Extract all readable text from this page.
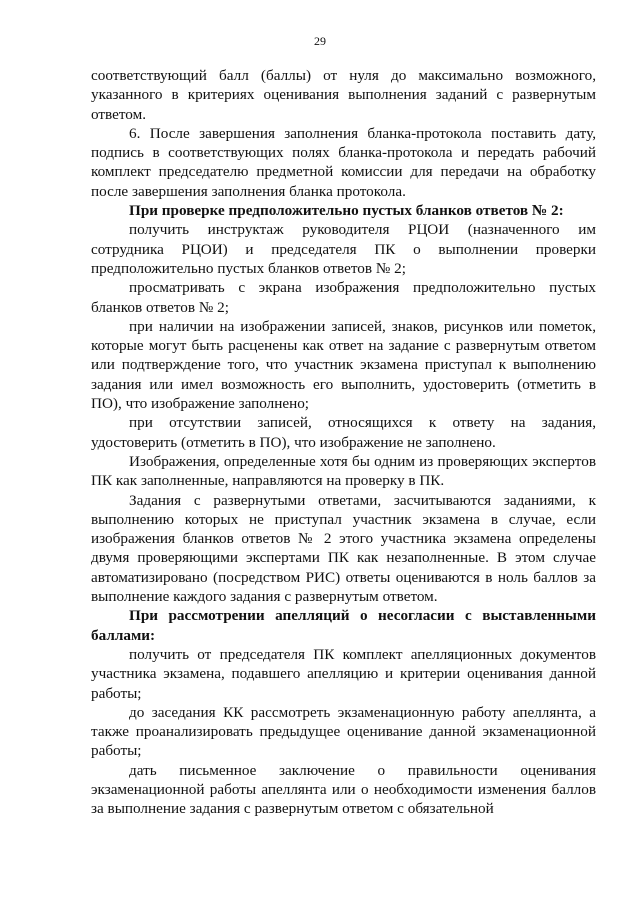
29

соответствующий балл (баллы) от нуля до максимально возможного, указанного в критериях оценивания выполнения заданий с развернутым ответом.

6. После завершения заполнения бланка-протокола поставить дату, подпись в соответствующих полях бланка-протокола и передать рабочий комплект председателю предметной комиссии для передачи на обработку после завершения заполнения бланка протокола.

При проверке предположительно пустых бланков ответов № 2:

получить инструктаж руководителя РЦОИ (назначенного им сотрудника РЦОИ) и председателя ПК о выполнении проверки предположительно пустых бланков ответов № 2;

просматривать с экрана изображения предположительно пустых бланков ответов № 2;

при наличии на изображении записей, знаков, рисунков или пометок, которые могут быть расценены как ответ на задание с развернутым ответом или подтверждение того, что участник экзамена приступал к выполнению задания или имел возможность его выполнить, удостоверить (отметить в ПО), что изображение заполнено;

при отсутствии записей, относящихся к ответу на задания, удостоверить (отметить в ПО), что изображение не заполнено.

Изображения, определенные хотя бы одним из проверяющих экспертов ПК как заполненные, направляются на проверку в ПК.

Задания с развернутыми ответами, засчитываются заданиями, к выполнению которых не приступал участник экзамена в случае, если изображения бланков ответов № 2 этого участника экзамена определены двумя проверяющими экспертами ПК как незаполненные. В этом случае автоматизировано (посредством РИС) ответы оцениваются в ноль баллов за выполнение каждого задания с развернутым ответом.

При рассмотрении апелляций о несогласии с выставленными баллами:

получить от председателя ПК комплект апелляционных документов участника экзамена, подавшего апелляцию и критерии оценивания данной работы;

до заседания КК рассмотреть экзаменационную работу апеллянта, а также проанализировать предыдущее оценивание данной экзаменационной работы;

дать письменное заключение о правильности оценивания экзаменационной работы апеллянта или о необходимости изменения баллов за выполнение задания с развернутым ответом с обязательной
